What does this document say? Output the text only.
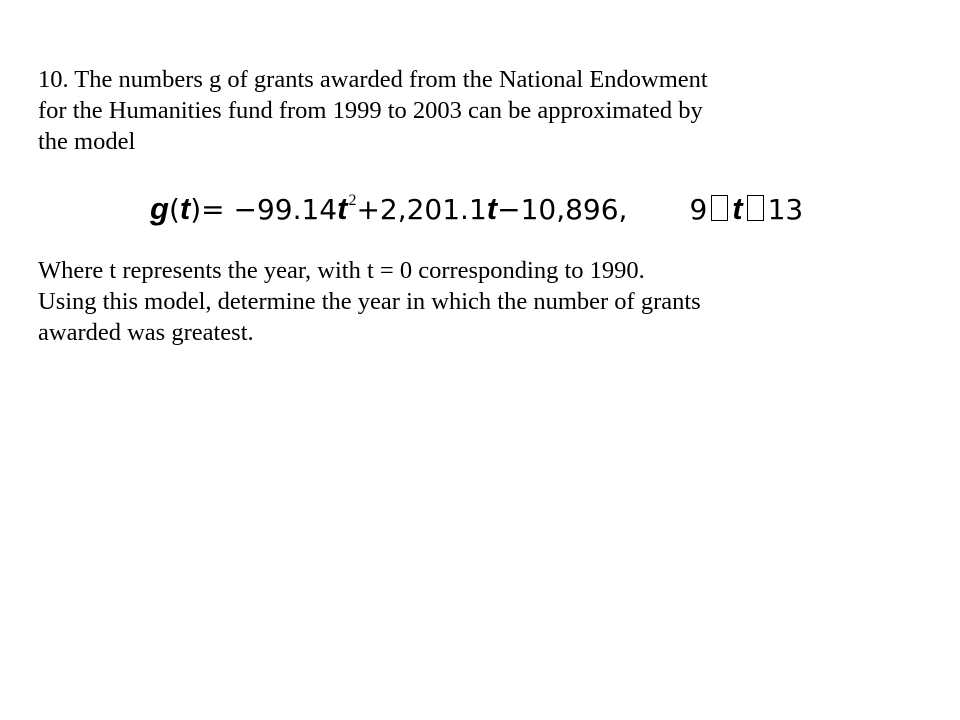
10. The numbers g of grants awarded from the National Endowment
for the Humanities fund from 1999 to 2003 can be approximated by
the model
g(t)= −99.14t2+2,201.1t−10,896, 9 t 13
Where t represents the year, with t = 0 corresponding to 1990.
Using this model, determine the year in which the number of grants
awarded was greatest.
